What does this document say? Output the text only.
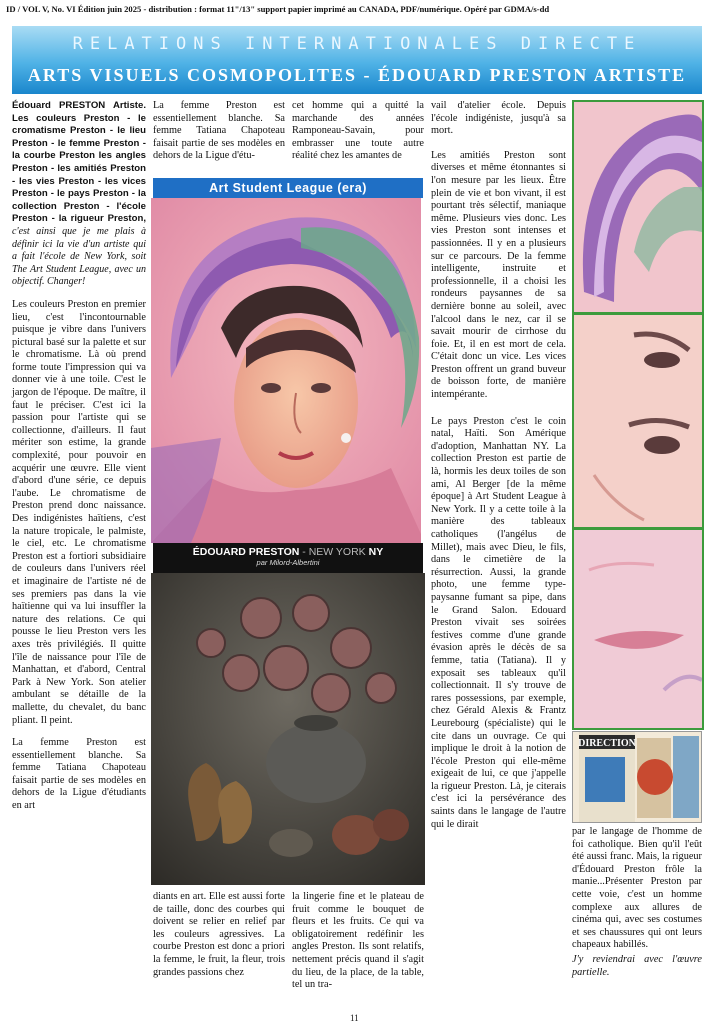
ID / VOL V, No. VI Édition juin 2025 - distribution : format 11"/13" support papier imprimé au CANADA, PDF/numérique. Opéré par GDMA/s-dd
RELATIONS INTERNATIONALES DIRECTE
ARTS VISUELS COSMOPOLITES - ÉDOUARD PRESTON ARTISTE

Édouard PRESTON Artiste. Les couleurs Preston - le cromatisme Preston - le lieu Preston - le femme Preston - la courbe Preston les angles Preston - les amitiés Preston - les vies Preston - les vices Preston - le pays Preston - la collection Preston - l'école Preston - la rigueur Preston, c'est ainsi que je me plais à définir ici la vie d'un artiste qui a fait l'école de New York, soit The Art Student League, avec un objectif. Changer!

Les couleurs Preston en premier lieu, c'est l'incontournable puisque je vibre dans l'univers pictural basé sur la palette et sur le chromatisme. Là où prend forme toute l'impression qui va donner vie à une toile. C'est le jargon de l'époque. De maître, il faut le préciser. C'est ici la passion pour l'artiste qui se collectionne, d'ailleurs. Il faut mériter son estime, la grande complexité, pour pouvoir en acquérir une œuvre. Elle vient d'abord d'une série, ce depuis l'aube. Le chromatisme de Preston prend donc naissance. Des indigénistes haïtiens, c'est la nature tropicale, le palmiste, le ciel, etc. Le chromatisme Preston est a fortiori subsidiaire de couleurs dans l'univers réel et imaginaire de l'artiste né de ses premiers pas dans la vie haïtienne qui va lui insuffler la nature des relations. Ce qui pousse le lieu Preston vers les axes très privilégiés. Il quitte l'île de naissance pour l'île de Manhattan, et d'abord, Central Park à New York. Son atelier ambulant se détaille de la mallette, du chevalet, du banc pliant. Il peint.

La femme Preston est essentiellement blanche. Sa femme Tatiana Chapoteau faisait partie de ses modèles en dehors de la Ligue d'étudiants en art

La femme Preston est essentiellement blanche. Sa femme Tatiana Chapoteau faisait partie de ses modèles en dehors de la Ligue d'étu-
cet homme qui a quitté la marchande des années Ramponeau-Savain, pour embrasser une toute autre réalité chez les amantes de
Art Student League (era)
ÉDOUARD PRESTON - NEW YORK NY
par Milord-Albertini
diants en art. Elle est aussi forte de taille, donc des courbes qui doivent se relier en relief par les couleurs agressives. La courbe Preston est donc a priori la femme, le fruit, la fleur, trois grandes passions chez
la lingerie fine et le plateau de fruit comme le bouquet de fleurs et les fruits. Ce qui va obligatoirement redéfinir les angles Preston. Ils sont relatifs, nettement précis quand il s'agit du lieu, de la place, de la table, tel un tra-

vail d'atelier école. Depuis l'école indigéniste, jusqu'à sa mort.

Les amitiés Preston sont diverses et même étonnantes si l'on mesure par les lieux. Être plein de vie et bon vivant, il est pourtant très sélectif, maniaque même. Plusieurs vies donc. Les vies Preston sont intenses et passionnées. Il y en a plusieurs sur ce parcours. De la femme intelligente, instruite et professionnelle, il a choisi les rondeurs paysannes de sa dernière bonne au soleil, avec l'alcool dans le nez, car il se savait mourir de cirrhose du foie. Et, il en est mort de cela. C'était donc un vice. Les vices Preston offrent un grand buveur de boisson forte, de manière intempérante.

Le pays Preston c'est le coin natal, Haïti. Son Amérique d'adoption, Manhattan NY. La collection Preston est partie de là, hormis les deux toiles de son ami, Al Berger [de la même époque] à Art Student League à New York. Il y a cette toile à la manière des tableaux catholiques (l'angélus de Millet), mais avec Dieu, le fils, dans le cimetière de la résurrection. Aussi, la grande photo, une femme type-paysanne fumant sa pipe, dans le Grand Salon. Edouard Preston vivait ses soirées festives comme d'une grande évasion après le décès de sa femme, tatia (Tatiana). Il y exposait ses tableaux qu'il collectionnait. Il s'y trouve de rares possessions, par exemple, chez Gérald Alexis & Frantz Leurebourg (spécialiste) qui le cite dans un ouvrage. Ce qui implique le droit à la notion de l'école Preston qui elle-même exigeait de lui, ce que j'appelle la rigueur Preston. Là, je citerais c'est ici la persévérance des saints dans le langage de l'autre qui le dirait

DIRECTION

par le langage de l'homme de foi catholique. Bien qu'il l'eût été aussi franc. Mais, la rigueur d'Édouard Preston frôle la manie...Présenter Preston par cette voie, c'est un homme complexe aux allures de cinéma qui, avec ses costumes et ses chaussures qui ont leurs chapeaux habillés.

J'y reviendrai avec l'œuvre partielle.

11
